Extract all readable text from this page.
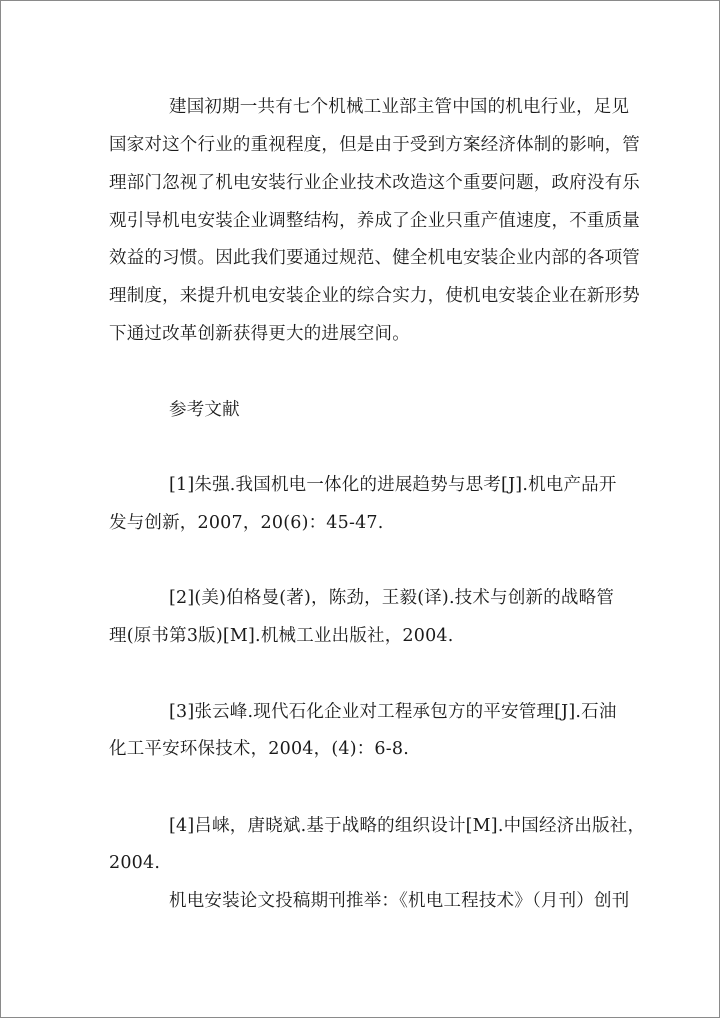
建国初期一共有七个机械工业部主管中国的机电行业，足见
国家对这个行业的重视程度，但是由于受到方案经济体制的影响，管
理部门忽视了机电安装行业企业技术改造这个重要问题，政府没有乐
观引导机电安装企业调整结构，养成了企业只重产值速度，不重质量
效益的习惯。因此我们要通过规范、健全机电安装企业内部的各项管
理制度，来提升机电安装企业的综合实力，使机电安装企业在新形势
下通过改革创新获得更大的进展空间。
参考文献
[1]朱强.我国机电一体化的进展趋势与思考[J].机电产品开
发与创新，2007，20(6)：45-47.
[2](美)伯格曼(著)，陈劲，王毅(译).技术与创新的战略管
理(原书第3版)[M].机械工业出版社，2004.
[3]张云峰.现代石化企业对工程承包方的平安管理[J].石油
化工平安环保技术，2004，(4)：6-8.
[4]吕崃，唐晓斌.基于战略的组织设计[M].中国经济出版社，
2004.
机电安装论文投稿期刊推举：《机电工程技术》（月刊）创刊
